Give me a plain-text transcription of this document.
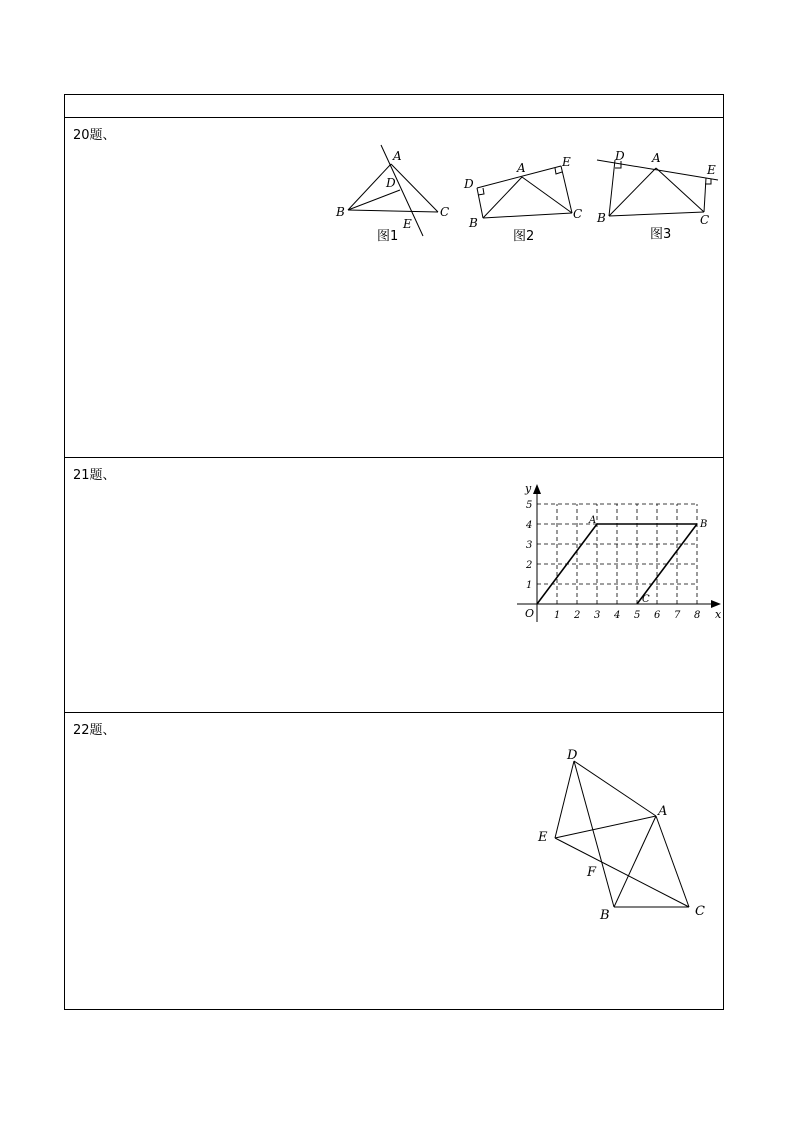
20题、
A
D
B	C
E
图1
A	E
D
B
C
图2
D A
E
B	C
图3
21题、
x
y
O 1 2 3 4 5 6 7 8
1
2
3
4
5
A	B
C
22题、
D
A
E
F
B	C
